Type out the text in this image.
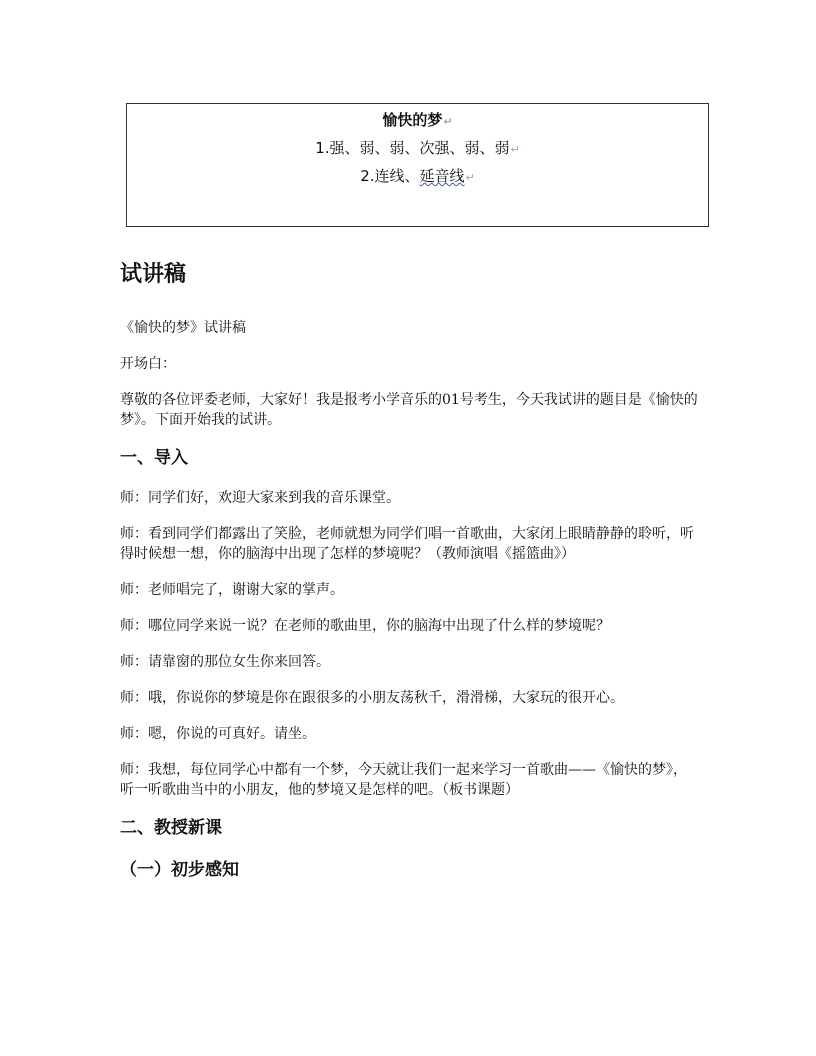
愉快的梦↵
1.强、弱、弱、次强、弱、弱↵
2.连线、延音线↵
试讲稿

《愉快的梦》试讲稿

开场白：

尊敬的各位评委老师，大家好！我是报考小学音乐的01号考生，今天我试讲的题目是《愉快的梦》。下面开始我的试讲。

一、导入

师：同学们好，欢迎大家来到我的音乐课堂。

师：看到同学们都露出了笑脸，老师就想为同学们唱一首歌曲，大家闭上眼睛静静的聆听，听得时候想一想，你的脑海中出现了怎样的梦境呢？（教师演唱《摇篮曲》）

师：老师唱完了，谢谢大家的掌声。

师：哪位同学来说一说？在老师的歌曲里，你的脑海中出现了什么样的梦境呢？

师：请靠窗的那位女生你来回答。

师：哦，你说你的梦境是你在跟很多的小朋友荡秋千，滑滑梯，大家玩的很开心。

师：嗯，你说的可真好。请坐。

师：我想，每位同学心中都有一个梦，今天就让我们一起来学习一首歌曲——《愉快的梦》，听一听歌曲当中的小朋友，他的梦境又是怎样的吧。（板书课题）

二、教授新课
（一）初步感知
